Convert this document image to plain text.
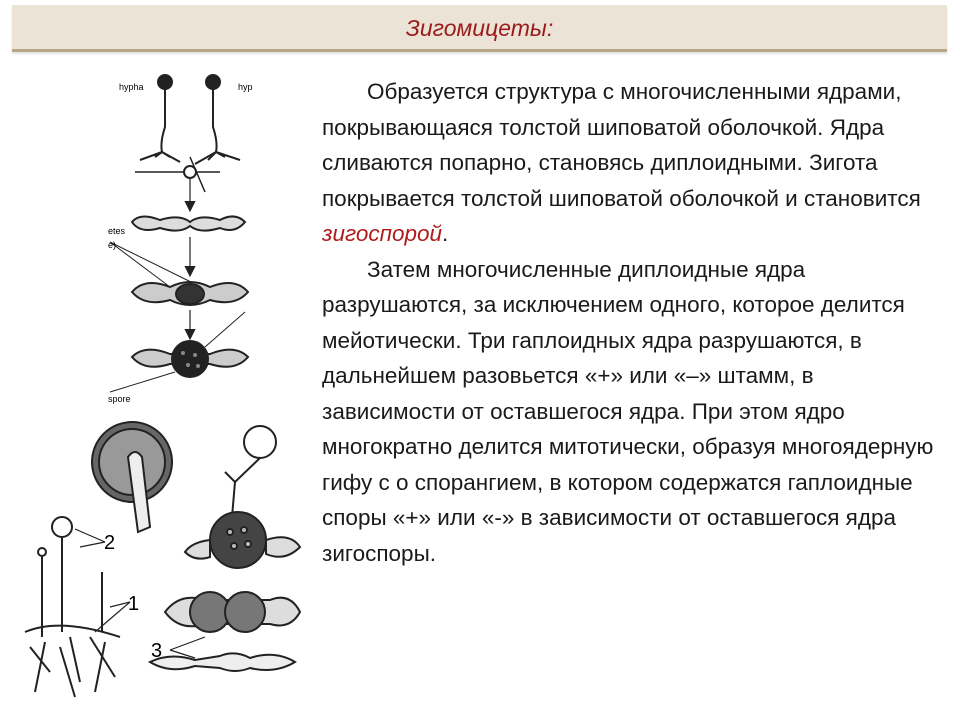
Зигомицеты:
hypha	hyp
etes
e)
spore
2
1
3

Образуется структура с многочисленными ядрами, покрывающаяся толстой шиповатой оболочкой. Ядра сливаются попарно, становясь диплоидными. Зигота покрывается толстой шиповатой оболочкой и становится зигоспорой.

Затем многочисленные диплоидные ядра разрушаются, за исключением одного, которое делится мейотически. Три гаплоидных ядра разрушаются, в дальнейшем разовьется «+» или «–» штамм, в зависимости от оставшегося ядра. При этом ядро многократно делится митотически, образуя многоядерную гифу с о спорангием, в котором содержатся гаплоидные споры «+» или «-» в зависимости от оставшегося ядра зигоспоры.
